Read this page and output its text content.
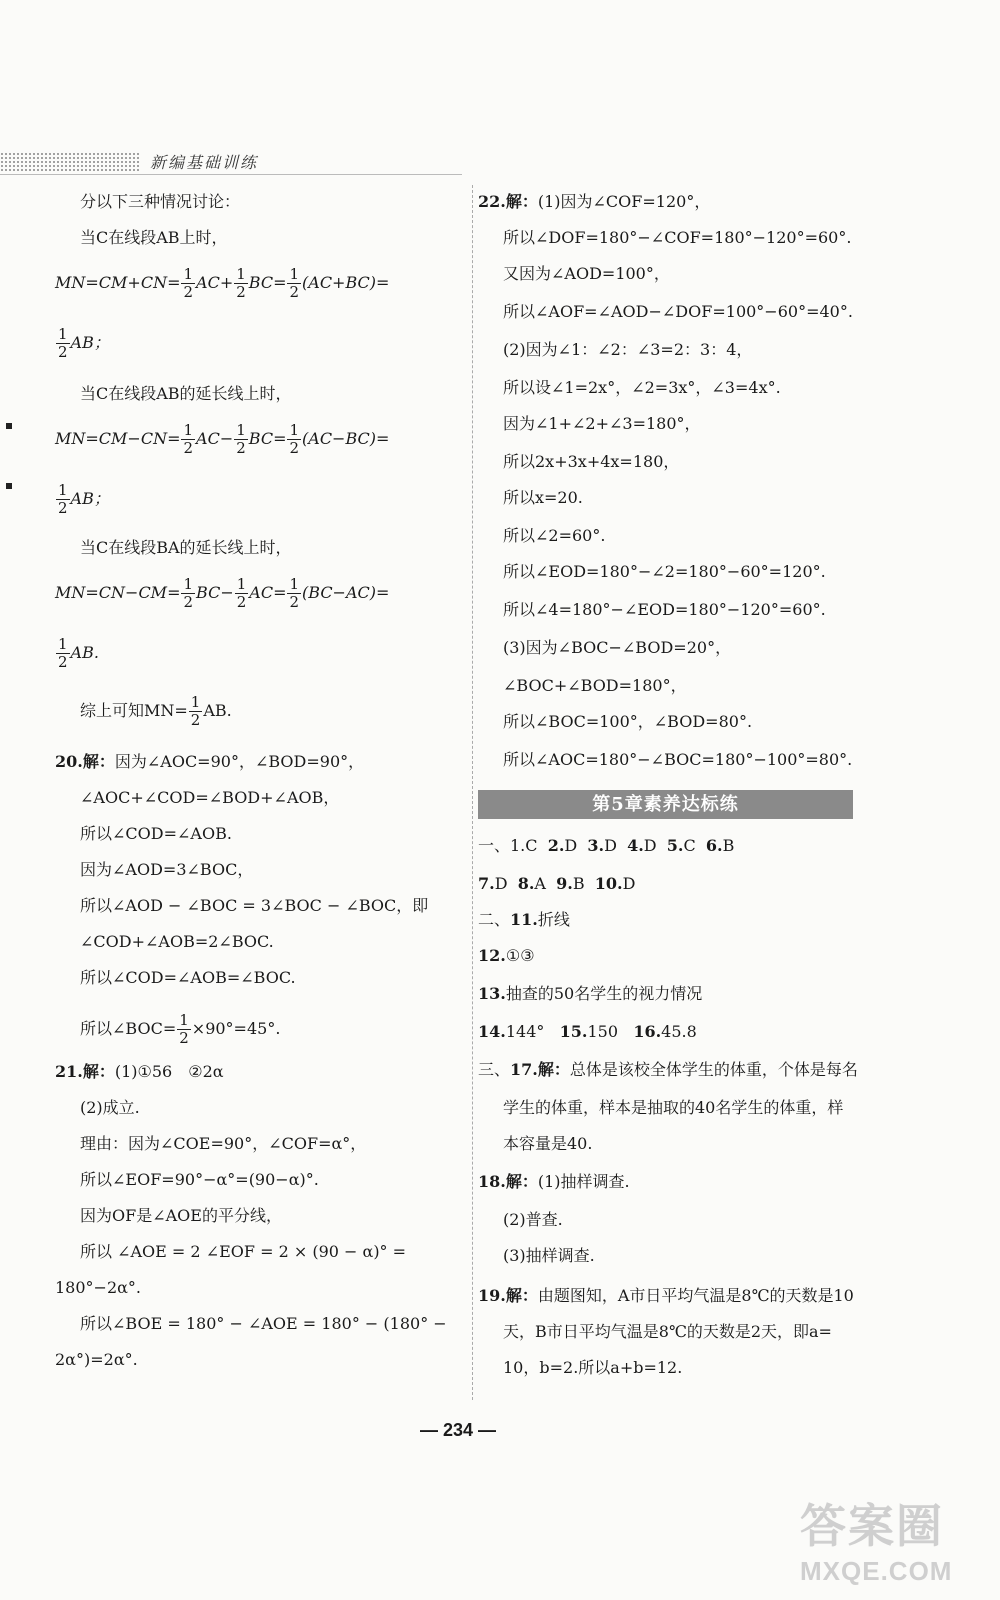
新编基础训练
分以下三种情况讨论：
当C在线段AB上时，
$MN=CM+CN= \frac{1}{2} AC+ \frac{1}{2} BC= \frac{1}{2} (AC+BC)=$
$\frac{1}{2}$ AB；
当C在线段AB的延长线上时，
$MN=CM-CN= \frac{1}{2} AC- \frac{1}{2} BC= \frac{1}{2} (AC-BC)=$
$\frac{1}{2}$ AB；
当C在线段BA的延长线上时，
$MN=CN-CM= \frac{1}{2} BC- \frac{1}{2} AC= \frac{1}{2} (BC-AC)=$
$\frac{1}{2}$ AB.
综上可知$MN= \frac{1}{2}$ AB.
20.解：因为∠AOC=90°，∠BOD=90°，
∠AOC+∠COD=∠BOD+∠AOB，
所以∠COD=∠AOB.
因为∠AOD=3∠BOC，
所以∠AOD − ∠BOC = 3∠BOC − ∠BOC，即
∠COD+∠AOB=2∠BOC.
所以∠COD=∠AOB=∠BOC.
所以∠BOC= $\frac{1}{2} \times 90^\circ=45^\circ$.
21.解：(1)①56　②2α
(2)成立.
理由：因为∠COE=90°，∠COF=α°，
所以∠EOF=90°−α°=(90−α)°.
因为OF是∠AOE的平分线，
所以 ∠AOE = 2 ∠EOF = 2 × (90 − α)° =
180°−2α°.
所以∠BOE = 180° − ∠AOE = 180° − (180° −
2α°)=2α°.
22.解：(1)因为∠COF=120°，
所以∠DOF=180°−∠COF=180°−120°=60°.
又因为∠AOD=100°，
所以∠AOF=∠AOD−∠DOF=100°−60°=40°.
(2)因为∠1：∠2：∠3=2：3：4，
所以设∠1=2x°，∠2=3x°，∠3=4x°.
因为∠1+∠2+∠3=180°，
所以2x+3x+4x=180，
所以x=20.
所以∠2=60°.
所以∠EOD=180°−∠2=180°−60°=120°.
所以∠4=180°−∠EOD=180°−120°=60°.
(3)因为∠BOC−∠BOD=20°，
∠BOC+∠BOD=180°，
所以∠BOC=100°，∠BOD=80°.
所以∠AOC=180°−∠BOC=180°−100°=80°.
第5章素养达标练
一、1.C 2.D 3.D 4.D 5.C 6.B
7.D 8.A 9.B 10.D
二、11.折线
12.①③
13.抽查的50名学生的视力情况
14.144° 15.150 16.45.8
三、17.解：总体是该校全体学生的体重，个体是每名
学生的体重，样本是抽取的40名学生的体重，样
本容量是40.
18.解：(1)抽样调查.
(2)普查.
(3)抽样调查.
19.解：由题图知，A市日平均气温是8℃的天数是10
天，B市日平均气温是8℃的天数是2天，即a=
10，b=2.所以a+b=12.
— 234 —
答案圈
MXQE.COM
